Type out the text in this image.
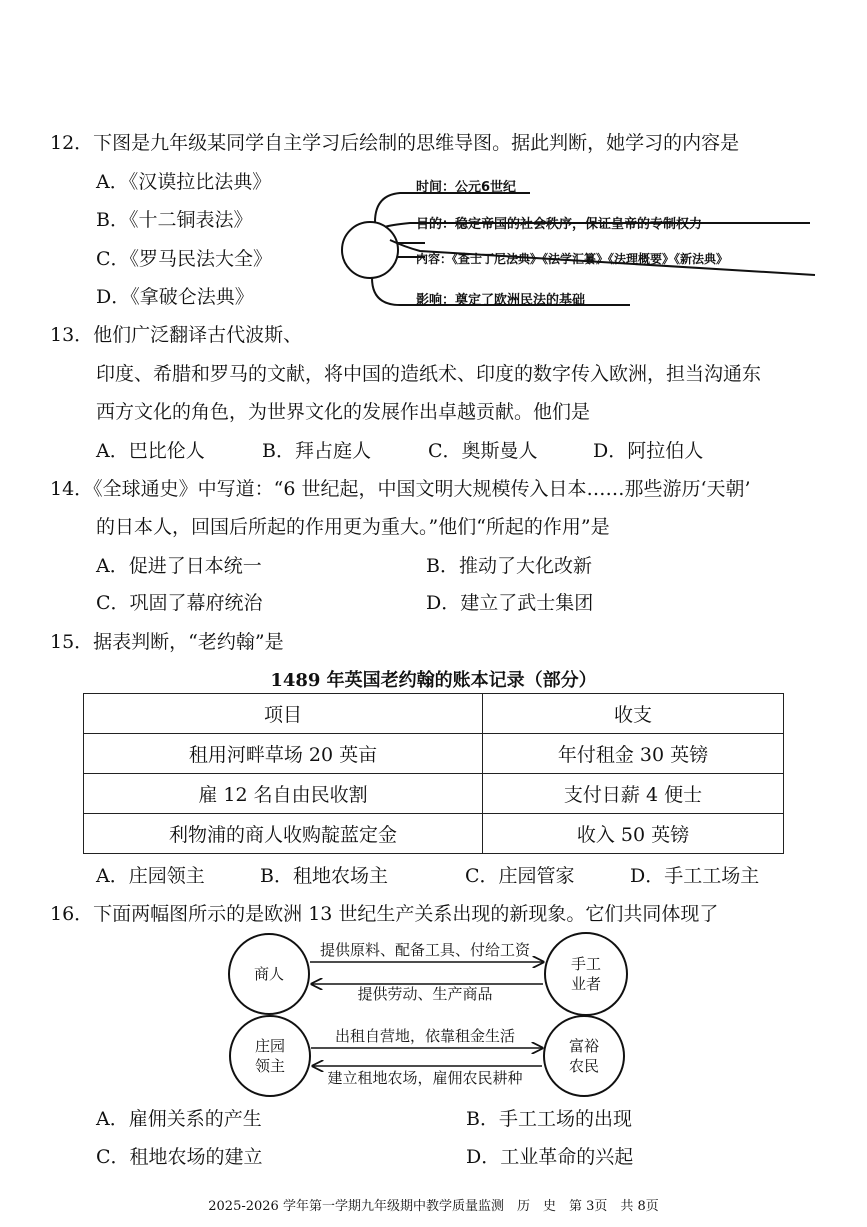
12．下图是九年级某同学自主学习后绘制的思维导图。据此判断，她学习的内容是
A．《汉谟拉比法典》
B．《十二铜表法》
C．《罗马民法大全》
D．《拿破仑法典》
时间：公元6世纪
目的：稳定帝国的社会秩序，保证皇帝的专制权力
内容：《查士丁尼法典》《法学汇纂》《法理概要》《新法典》
影响：奠定了欧洲民法的基础
13．他们广泛翻译古代波斯、
印度、希腊和罗马的文献，将中国的造纸术、印度的数字传入欧洲，担当沟通东
西方文化的角色，为世界文化的发展作出卓越贡献。他们是
A．巴比伦人	B．拜占庭人	C．奥斯曼人	D．阿拉伯人
14．《全球通史》中写道：“6 世纪起，中国文明大规模传入日本……那些游历‘天朝’
的日本人，回国后所起的作用更为重大。”他们“所起的作用”是
A．促进了日本统一	B．推动了大化改新
C．巩固了幕府统治	D．建立了武士集团
15．据表判断，“老约翰”是
1489 年英国老约翰的账本记录（部分）
项目	收支
租用河畔草场 20 英亩	年付租金 30 英镑
雇 12 名自由民收割	支付日薪 4 便士
利物浦的商人收购靛蓝定金	收入 50 英镑
A．庄园领主	B．租地农场主	C．庄园管家	D．手工工场主
16．下面两幅图所示的是欧洲 13 世纪生产关系出现的新现象。它们共同体现了
商人
手工
业者
提供原料、配备工具、付给工资
提供劳动、生产商品
庄园
领主
富裕
农民
出租自营地，依靠租金生活
建立租地农场，雇佣农民耕种
A．雇佣关系的产生	B．手工工场的出现
C．租地农场的建立	D．工业革命的兴起
2025-2026 学年第一学期九年级期中教学质量监测　历　史　第 3页　共 8页
